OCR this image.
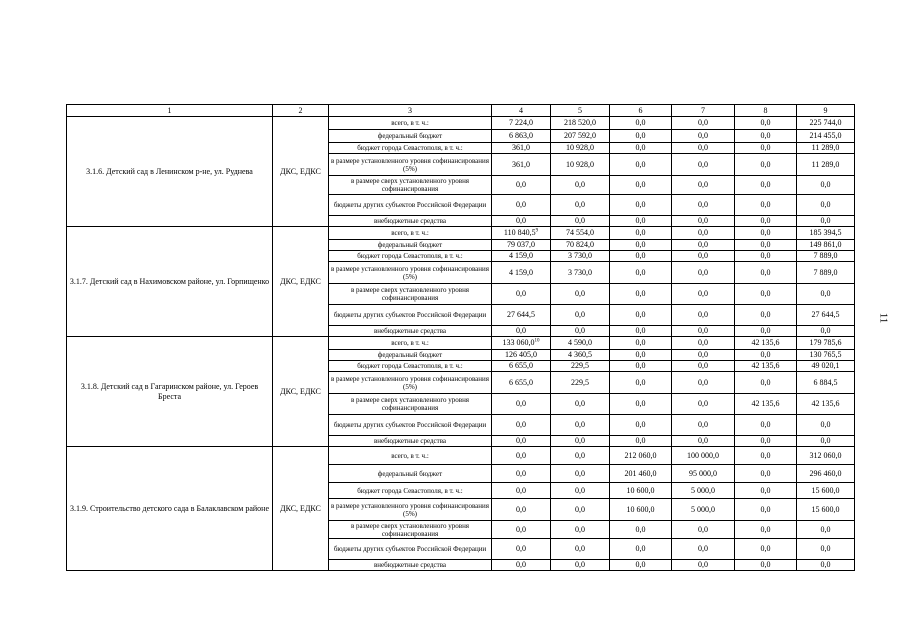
1	2	3	4	5	6	7	8	9
3.1.6. Детский сад в Ленинском р-не, ул. Руднева	ДКС, ЕДКС	всего, в т. ч.:	7 224,0	218 520,0	0,0	0,0	0,0	225 744,0
		федеральный бюджет	6 863,0	207 592,0	0,0	0,0	0,0	214 455,0
		бюджет города Севастополя, в т. ч.:	361,0	10 928,0	0,0	0,0	0,0	11 289,0
		в размере установленного уровня софинансирования (5%)	361,0	10 928,0	0,0	0,0	0,0	11 289,0
		в размере сверх установленного уровня софинансирования	0,0	0,0	0,0	0,0	0,0	0,0
		бюджеты других субъектов Российской Федерации	0,0	0,0	0,0	0,0	0,0	0,0
		внебюджетные средства	0,0	0,0	0,0	0,0	0,0	0,0
3.1.7. Детский сад в Нахимовском районе, ул. Горпищенко	ДКС, ЕДКС	всего, в т. ч.:	110 840,5$^9$	74 554,0	0,0	0,0	0,0	185 394,5
		федеральный бюджет	79 037,0	70 824,0	0,0	0,0	0,0	149 861,0
		бюджет города Севастополя, в т. ч.:	4 159,0	3 730,0	0,0	0,0	0,0	7 889,0
		в размере установленного уровня софинансирования (5%)	4 159,0	3 730,0	0,0	0,0	0,0	7 889,0
		в размере сверх установленного уровня софинансирования	0,0	0,0	0,0	0,0	0,0	0,0
		бюджеты других субъектов Российской Федерации	27 644,5	0,0	0,0	0,0	0,0	27 644,5
		внебюджетные средства	0,0	0,0	0,0	0,0	0,0	0,0
3.1.8. Детский сад в Гагаринском районе, ул. Героев Бреста	ДКС, ЕДКС	всего, в т. ч.:	133 060,0$^{10}$	4 590,0	0,0	0,0	42 135,6	179 785,6
		федеральный бюджет	126 405,0	4 360,5	0,0	0,0	0,0	130 765,5
		бюджет города Севастополя, в т. ч.:	6 655,0	229,5	0,0	0,0	42 135,6	49 020,1
		в размере установленного уровня софинансирования (5%)	6 655,0	229,5	0,0	0,0	0,0	6 884,5
		в размере сверх установленного уровня софинансирования	0,0	0,0	0,0	0,0	42 135,6	42 135,6
		бюджеты других субъектов Российской Федерации	0,0	0,0	0,0	0,0	0,0	0,0
		внебюджетные средства	0,0	0,0	0,0	0,0	0,0	0,0
3.1.9. Строительство детского сада в Балаклавском районе	ДКС, ЕДКС	всего, в т. ч.:	0,0	0,0	212 060,0	100 000,0	0,0	312 060,0
		федеральный бюджет	0,0	0,0	201 460,0	95 000,0	0,0	296 460,0
		бюджет города Севастополя, в т. ч.:	0,0	0,0	10 600,0	5 000,0	0,0	15 600,0
		в размере установленного уровня софинансирования (5%)	0,0	0,0	10 600,0	5 000,0	0,0	15 600,0
		в размере сверх установленного уровня софинансирования	0,0	0,0	0,0	0,0	0,0	0,0
		бюджеты других субъектов Российской Федерации	0,0	0,0	0,0	0,0	0,0	0,0
		внебюджетные средства	0,0	0,0	0,0	0,0	0,0	0,0
11
